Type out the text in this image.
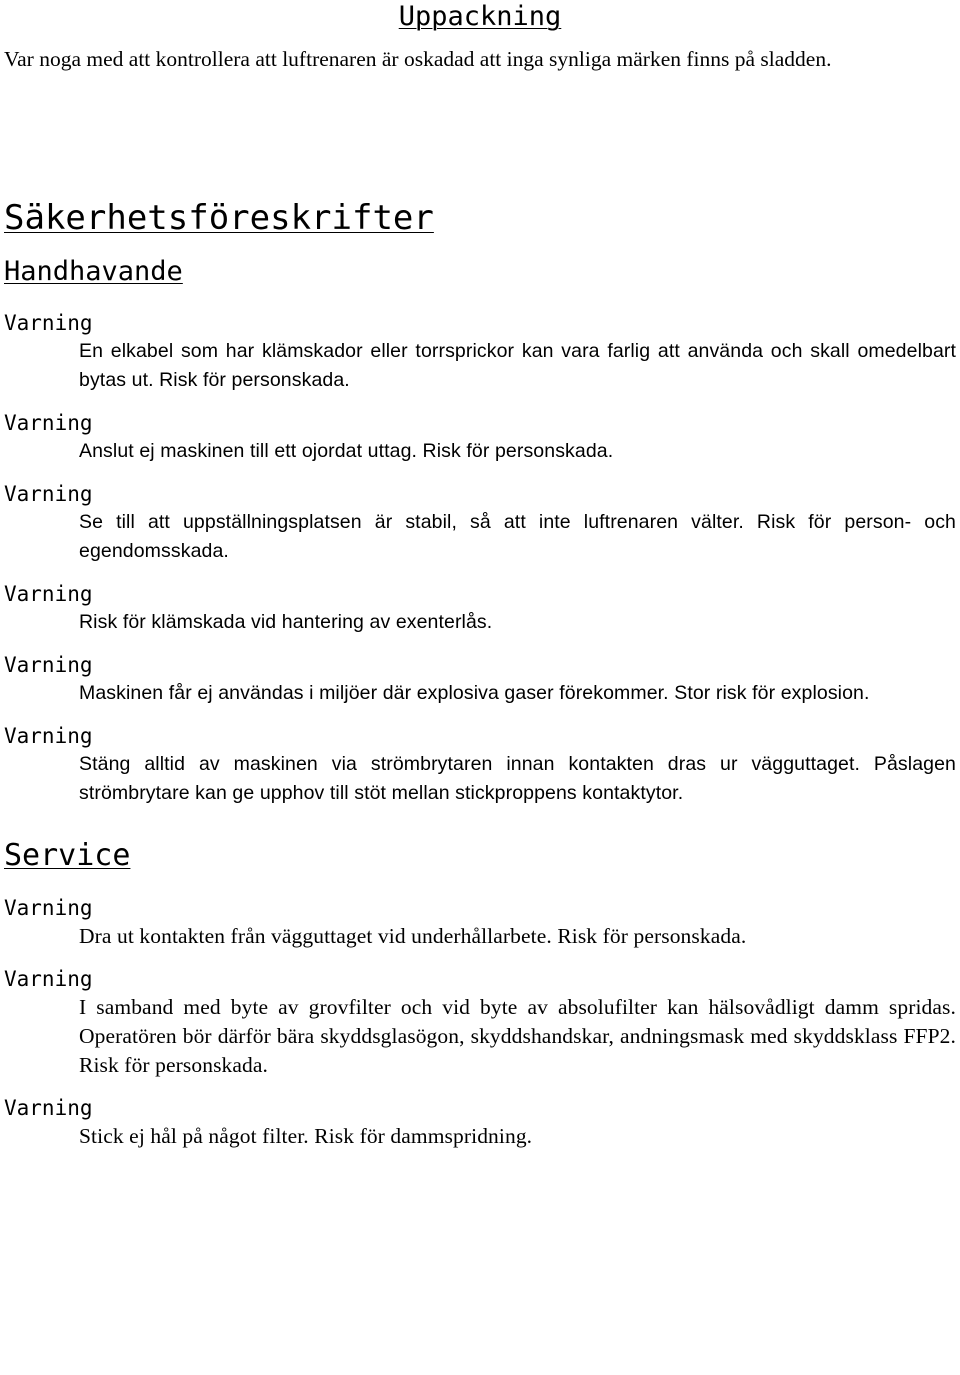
Uppackning
Var noga med att kontrollera att luftrenaren är oskadad att inga synliga märken finns på sladden.
Säkerhetsföreskrifter
Handhavande
Varning
En elkabel som har klämskador eller torrsprickor kan vara farlig att använda och skall omedelbart bytas ut. Risk för personskada.
Varning
Anslut ej maskinen till ett ojordat uttag. Risk för personskada.
Varning
Se till att uppställningsplatsen är stabil, så att inte luftrenaren välter. Risk för person- och egendomsskada.
Varning
Risk för klämskada vid hantering av exenterlås.
Varning
Maskinen får ej användas i miljöer där explosiva gaser förekommer. Stor risk för explosion.
Varning
Stäng alltid av maskinen via strömbrytaren innan kontakten dras ur vägguttaget. Påslagen strömbrytare kan ge upphov till stöt mellan stickproppens kontaktytor.
Service
Varning
Dra ut kontakten från vägguttaget vid underhållarbete. Risk för personskada.
Varning
I samband med byte av grovfilter och vid byte av absolufilter kan hälsovådligt damm spridas. Operatören bör därför bära skyddsglasögon, skyddshandskar, andningsmask med skyddsklass FFP2. Risk för personskada.
Varning
Stick ej hål på något filter. Risk för dammspridning.
